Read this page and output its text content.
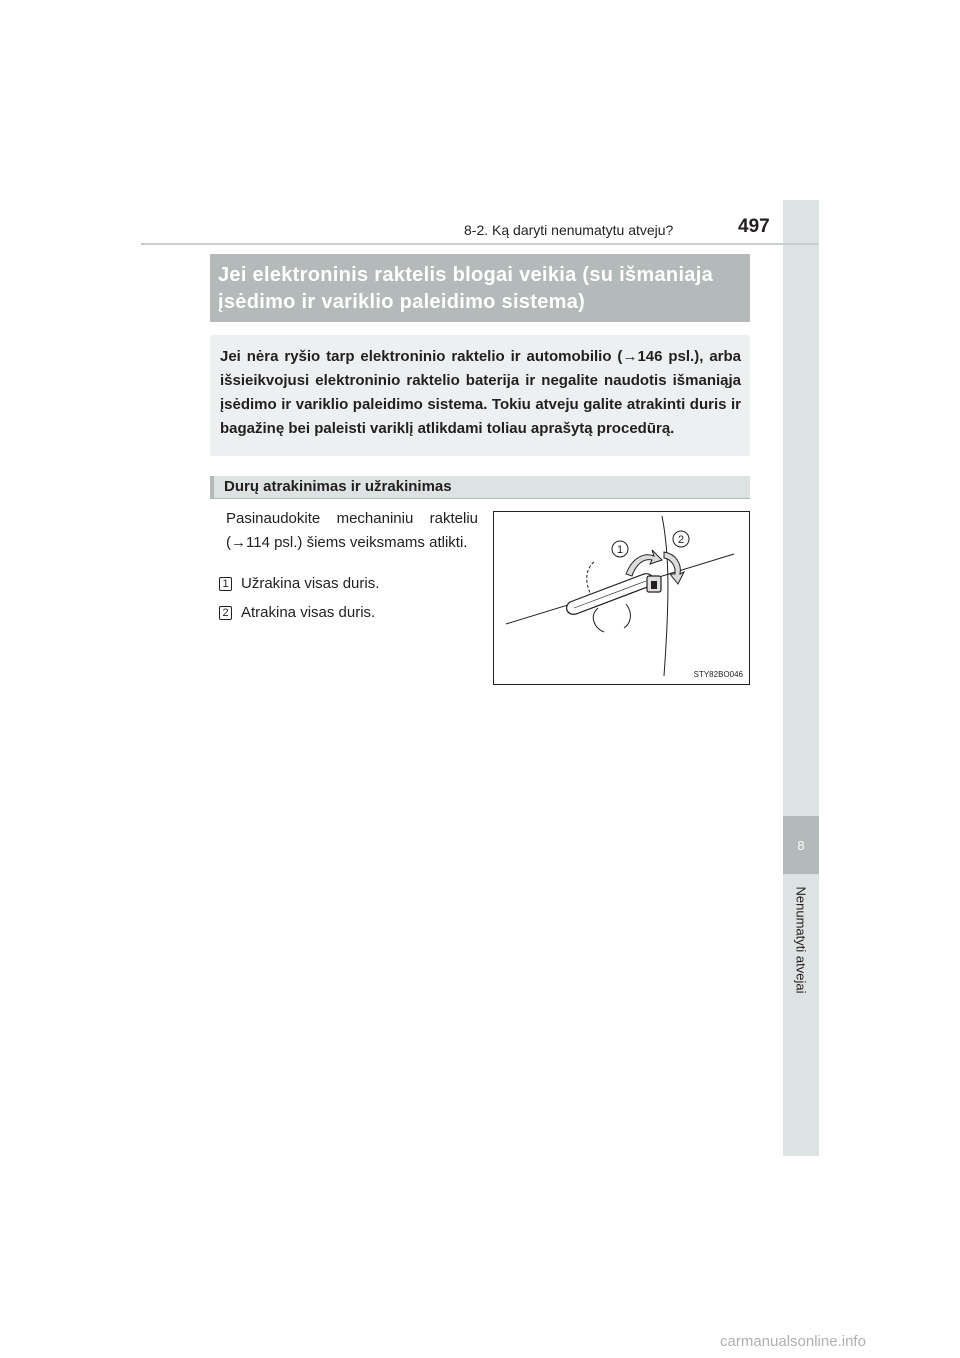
8
Nenumatyti atvejai
8-2. Ką daryti nenumatytu atveju?	497
Jei elektroninis raktelis blogai veikia (su išmaniaja
įsėdimo ir variklio paleidimo sistema)

Jei nėra ryšio tarp elektroninio raktelio ir automobilio (→146 psl.), arba išsieikvojusi elektroninio raktelio baterija ir negalite naudotis išmaniąja įsėdimo ir variklio paleidimo sistema. Tokiu atveju galite atrakinti duris ir bagažinę bei paleisti variklį atlikdami toliau aprašytą procedūrą.

Durų atrakinimas ir užrakinimas

Pasinaudokite mechaniniu rakteliu (→114 psl.) šiems veiksmams atlikti.

1 Užrakina visas duris.
2 Atrakina visas duris.
1
2
STY82BO046
carmanualsonline.info
